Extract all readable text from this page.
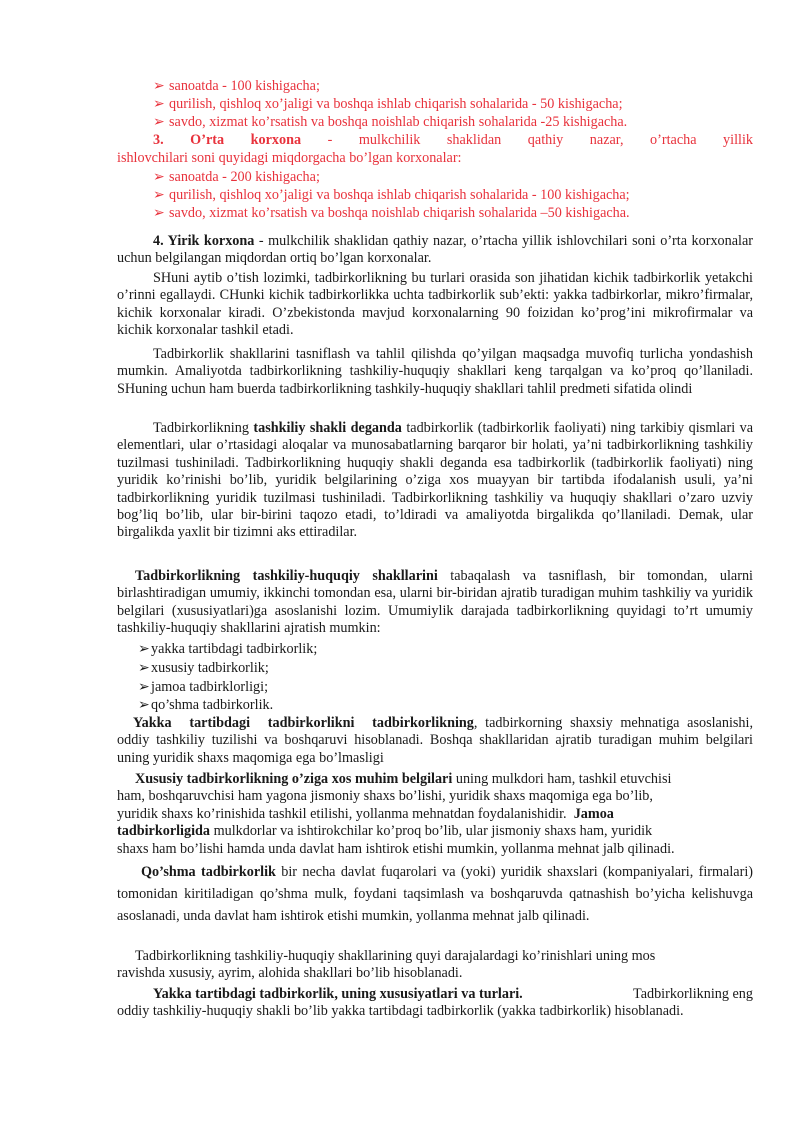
➢ sanoatda - 100 kishigacha;
➢ qurilish, qishloq xo’jaligi va boshqa ishlab chiqarish sohalarida - 50 kishigacha;
➢ savdo, xizmat ko’rsatish va boshqa noishlab chiqarish sohalarida -25 kishigacha.
3. O’rta korxona - mulkchilik shaklidan qathiy nazar, o’rtacha yillik
ishlovchilari soni quyidagi miqdorgacha bo’lgan korxonalar:
➢ sanoatda - 200 kishigacha;
➢ qurilish, qishloq xo’jaligi va boshqa ishlab chiqarish sohalarida - 100 kishigacha;
➢ savdo, xizmat ko’rsatish va boshqa noishlab chiqarish sohalarida –50 kishigacha.
4. Yirik korxona - mulkchilik shaklidan qathiy nazar, o’rtacha yillik ishlovchilari soni o’rta korxonalar uchun belgilangan miqdordan ortiq bo’lgan korxonalar.
SHuni aytib o’tish lozimki, tadbirkorlikning bu turlari orasida son jihatidan kichik tadbirkorlik yetakchi o’rinni egallaydi. CHunki kichik tadbirkorlikka uchta tadbirkorlik sub’ekti: yakka tadbirkorlar, mikro’firmalar, kichik korxonalar kiradi. O’zbekistonda mavjud korxonalarning 90 foizidan ko’prog’ini mikrofirmalar va kichik korxonalar tashkil etadi.
Tadbirkorlik shakllarini tasniflash va tahlil qilishda qo’yilgan maqsadga muvofiq turlicha yondashish mumkin. Amaliyotda tadbirkorlikning tashkiliy-huquqiy shakllari keng tarqalgan va ko’proq qo’llaniladi. SHuning uchun ham buerda tadbirkorlikning tashkily-huquqiy shakllari tahlil predmeti sifatida olindi
Tadbirkorlikning tashkiliy shakli deganda tadbirkorlik (tadbirkorlik faoliyati) ning tarkibiy qismlari va elementlari, ular o’rtasidagi aloqalar va munosabatlarning barqaror bir holati, ya’ni tadbirkorlikning tashkiliy tuzilmasi tushiniladi. Tadbirkorlikning huquqiy shakli deganda esa tadbirkorlik (tadbirkorlik faoliyati) ning yuridik ko’rinishi bo’lib, yuridik belgilarining o’ziga xos muayyan bir tartibda ifodalanish usuli, ya’ni tadbirkorlikning yuridik tuzilmasi tushiniladi. Tadbirkorlikning tashkiliy va huquqiy shakllari o’zaro uzviy bog’liq bo’lib, ular bir-birini taqozo etadi, to’ldiradi va amaliyotda birgalikda qo’llaniladi. Demak, ular birgalikda yaxlit bir tizimni aks ettiradilar.
Tadbirkorlikning tashkiliy-huquqiy shakllarini tabaqalash va tasniflash, bir tomondan, ularni birlashtiradigan umumiy, ikkinchi tomondan esa, ularni bir-biridan ajratib turadigan muhim tashkiliy va yuridik belgilari (xususiyatlari)ga asoslanishi lozim. Umumiylik darajada tadbirkorlikning quyidagi to’rt umumiy tashkiliy-huquqiy shakllarini ajratish mumkin:
➢yakka tartibdagi tadbirkorlik;
➢xususiy tadbirkorlik;
➢jamoa tadbirklorligi;
➢qo’shma tadbirkorlik.
Yakka tartibdagi tadbirkorlikni tadbirkorlikning, tadbirkorning shaxsiy mehnatiga asoslanishi, oddiy tashkiliy tuzilishi va boshqaruvi hisoblanadi. Boshqa shakllaridan ajratib turadigan muhim belgilari uning yuridik shaxs maqomiga ega bo’lmasligi

Xususiy tadbirkorlikning o’ziga xos muhim belgilari uning mulkdori ham, tashkil etuvchisi

ham, boshqaruvchisi ham yagona jismoniy shaxs bo’lishi, yuridik shaxs maqomiga ega bo’lib,

yuridik shaxs ko’rinishida tashkil etilishi, yollanma mehnatdan foydalanishidir. Jamoa

tadbirkorligida mulkdorlar va ishtirokchilar ko’proq bo’lib, ular jismoniy shaxs ham, yuridik

shaxs ham bo’lishi hamda unda davlat ham ishtirok etishi mumkin, yollanma mehnat jalb qilinadi.

Qo’shma tadbirkorlik bir necha davlat fuqarolari va (yoki) yuridik shaxslari (kompaniyalari, firmalari) tomonidan kiritiladigan qo’shma mulk, foydani taqsimlash va boshqaruvda qatnashish bo’yicha kelishuvga asoslanadi, unda davlat ham ishtirok etishi mumkin, yollanma mehnat jalb qilinadi.

Tadbirkorlikning tashkiliy-huquqiy shakllarining quyi darajalardagi ko’rinishlari uning mos

ravishda xususiy, ayrim, alohida shakllari bo’lib hisoblanadi.

Yakka tartibdagi tadbirkorlik, uning xususiyatlari va turlari.	Tadbirkorlikning eng

oddiy tashkiliy-huquqiy shakli bo’lib yakka tartibdagi tadbirkorlik (yakka tadbirkorlik) hisoblanadi.
